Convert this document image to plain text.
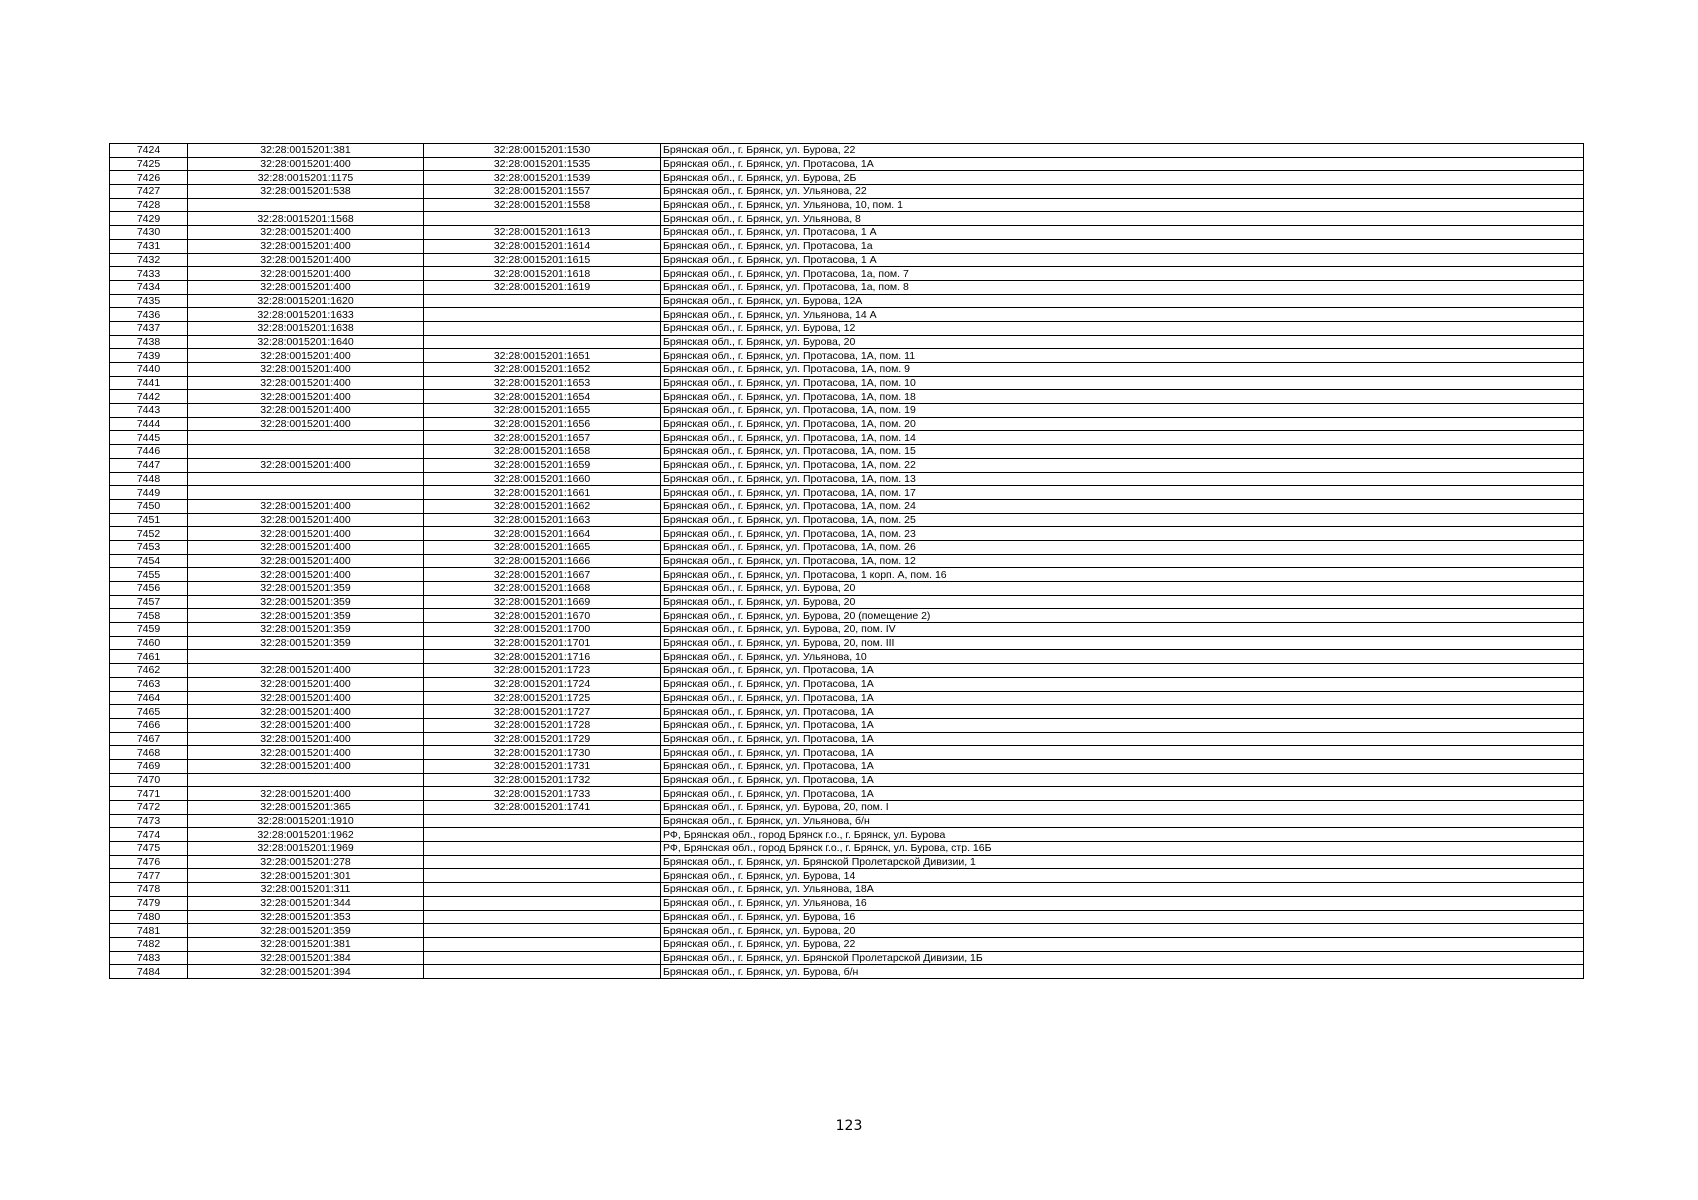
7424	32:28:0015201:381	32:28:0015201:1530	Брянская обл., г. Брянск, ул. Бурова, 22
7425	32:28:0015201:400	32:28:0015201:1535	Брянская обл., г. Брянск, ул. Протасова, 1А
7426	32:28:0015201:1175	32:28:0015201:1539	Брянская обл., г. Брянск, ул. Бурова, 2Б
7427	32:28:0015201:538	32:28:0015201:1557	Брянская обл., г. Брянск, ул. Ульянова, 22
7428		32:28:0015201:1558	Брянская обл., г. Брянск, ул. Ульянова, 10, пом. 1
7429	32:28:0015201:1568		Брянская обл., г. Брянск, ул. Ульянова, 8
7430	32:28:0015201:400	32:28:0015201:1613	Брянская обл., г. Брянск, ул. Протасова, 1 А
7431	32:28:0015201:400	32:28:0015201:1614	Брянская обл., г. Брянск, ул. Протасова, 1а
7432	32:28:0015201:400	32:28:0015201:1615	Брянская обл., г. Брянск, ул. Протасова, 1 А
7433	32:28:0015201:400	32:28:0015201:1618	Брянская обл., г. Брянск, ул. Протасова, 1а, пом. 7
7434	32:28:0015201:400	32:28:0015201:1619	Брянская обл., г. Брянск, ул. Протасова, 1а, пом. 8
7435	32:28:0015201:1620		Брянская обл., г. Брянск, ул. Бурова, 12А
7436	32:28:0015201:1633		Брянская обл., г. Брянск, ул. Ульянова, 14 А
7437	32:28:0015201:1638		Брянская обл., г. Брянск, ул. Бурова, 12
7438	32:28:0015201:1640		Брянская обл., г. Брянск, ул. Бурова, 20
7439	32:28:0015201:400	32:28:0015201:1651	Брянская обл., г. Брянск, ул. Протасова, 1А, пом. 11
7440	32:28:0015201:400	32:28:0015201:1652	Брянская обл., г. Брянск, ул. Протасова, 1А, пом. 9
7441	32:28:0015201:400	32:28:0015201:1653	Брянская обл., г. Брянск, ул. Протасова, 1А, пом. 10
7442	32:28:0015201:400	32:28:0015201:1654	Брянская обл., г. Брянск, ул. Протасова, 1А, пом. 18
7443	32:28:0015201:400	32:28:0015201:1655	Брянская обл., г. Брянск, ул. Протасова, 1А, пом. 19
7444	32:28:0015201:400	32:28:0015201:1656	Брянская обл., г. Брянск, ул. Протасова, 1А, пом. 20
7445		32:28:0015201:1657	Брянская обл., г. Брянск, ул. Протасова, 1А, пом. 14
7446		32:28:0015201:1658	Брянская обл., г. Брянск, ул. Протасова, 1А, пом. 15
7447	32:28:0015201:400	32:28:0015201:1659	Брянская обл., г. Брянск, ул. Протасова, 1А, пом. 22
7448		32:28:0015201:1660	Брянская обл., г. Брянск, ул. Протасова, 1А, пом. 13
7449		32:28:0015201:1661	Брянская обл., г. Брянск, ул. Протасова, 1А, пом. 17
7450	32:28:0015201:400	32:28:0015201:1662	Брянская обл., г. Брянск, ул. Протасова, 1А, пом. 24
7451	32:28:0015201:400	32:28:0015201:1663	Брянская обл., г. Брянск, ул. Протасова, 1А, пом. 25
7452	32:28:0015201:400	32:28:0015201:1664	Брянская обл., г. Брянск, ул. Протасова, 1А, пом. 23
7453	32:28:0015201:400	32:28:0015201:1665	Брянская обл., г. Брянск, ул. Протасова, 1А, пом. 26
7454	32:28:0015201:400	32:28:0015201:1666	Брянская обл., г. Брянск, ул. Протасова, 1А, пом. 12
7455	32:28:0015201:400	32:28:0015201:1667	Брянская обл., г. Брянск, ул. Протасова, 1 корп. А, пом. 16
7456	32:28:0015201:359	32:28:0015201:1668	Брянская обл., г. Брянск, ул. Бурова, 20
7457	32:28:0015201:359	32:28:0015201:1669	Брянская обл., г. Брянск, ул. Бурова, 20
7458	32:28:0015201:359	32:28:0015201:1670	Брянская обл., г. Брянск, ул. Бурова, 20 (помещение 2)
7459	32:28:0015201:359	32:28:0015201:1700	Брянская обл., г. Брянск, ул. Бурова, 20, пом. IV
7460	32:28:0015201:359	32:28:0015201:1701	Брянская обл., г. Брянск, ул. Бурова, 20, пом. III
7461		32:28:0015201:1716	Брянская обл., г. Брянск, ул. Ульянова, 10
7462	32:28:0015201:400	32:28:0015201:1723	Брянская обл., г. Брянск, ул. Протасова, 1А
7463	32:28:0015201:400	32:28:0015201:1724	Брянская обл., г. Брянск, ул. Протасова, 1А
7464	32:28:0015201:400	32:28:0015201:1725	Брянская обл., г. Брянск, ул. Протасова, 1А
7465	32:28:0015201:400	32:28:0015201:1727	Брянская обл., г. Брянск, ул. Протасова, 1А
7466	32:28:0015201:400	32:28:0015201:1728	Брянская обл., г. Брянск, ул. Протасова, 1А
7467	32:28:0015201:400	32:28:0015201:1729	Брянская обл., г. Брянск, ул. Протасова, 1А
7468	32:28:0015201:400	32:28:0015201:1730	Брянская обл., г. Брянск, ул. Протасова, 1А
7469	32:28:0015201:400	32:28:0015201:1731	Брянская обл., г. Брянск, ул. Протасова, 1А
7470		32:28:0015201:1732	Брянская обл., г. Брянск, ул. Протасова, 1А
7471	32:28:0015201:400	32:28:0015201:1733	Брянская обл., г. Брянск, ул. Протасова, 1А
7472	32:28:0015201:365	32:28:0015201:1741	Брянская обл., г. Брянск, ул. Бурова, 20, пом. I
7473	32:28:0015201:1910		Брянская обл., г. Брянск, ул. Ульянова, б/н
7474	32:28:0015201:1962		РФ, Брянская обл., город Брянск г.о., г. Брянск, ул. Бурова
7475	32:28:0015201:1969		РФ, Брянская обл., город Брянск г.о., г. Брянск, ул. Бурова, стр. 16Б
7476	32:28:0015201:278		Брянская обл., г. Брянск, ул. Брянской Пролетарской Дивизии, 1
7477	32:28:0015201:301		Брянская обл., г. Брянск, ул. Бурова, 14
7478	32:28:0015201:311		Брянская обл., г. Брянск, ул. Ульянова, 18А
7479	32:28:0015201:344		Брянская обл., г. Брянск, ул. Ульянова, 16
7480	32:28:0015201:353		Брянская обл., г. Брянск, ул. Бурова, 16
7481	32:28:0015201:359		Брянская обл., г. Брянск, ул. Бурова, 20
7482	32:28:0015201:381		Брянская обл., г. Брянск, ул. Бурова, 22
7483	32:28:0015201:384		Брянская обл., г. Брянск, ул. Брянской Пролетарской Дивизии, 1Б
7484	32:28:0015201:394		Брянская обл., г. Брянск, ул. Бурова, б/н
123
